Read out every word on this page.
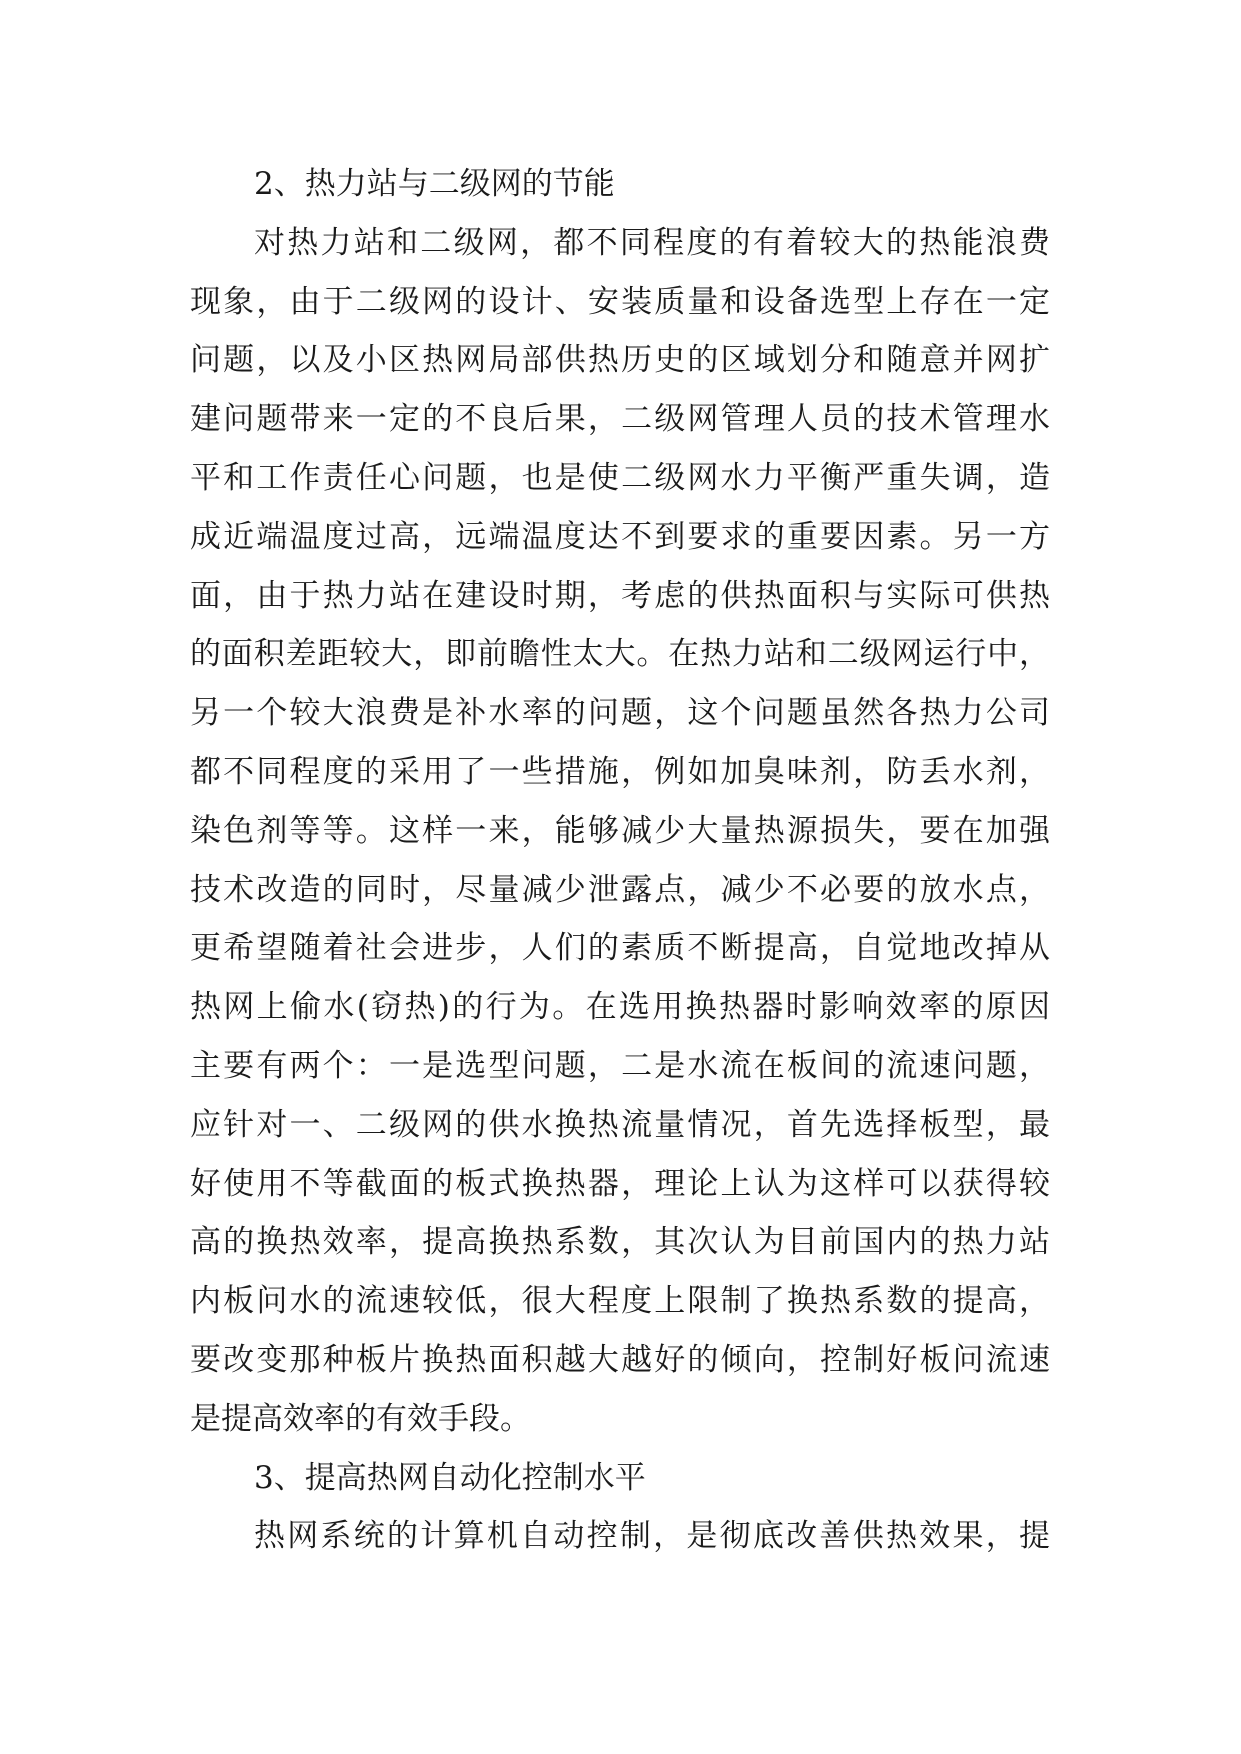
2、热力站与二级网的节能
对热力站和二级网，都不同程度的有着较大的热能浪费
现象，由于二级网的设计、安装质量和设备选型上存在一定
问题，以及小区热网局部供热历史的区域划分和随意并网扩
建问题带来一定的不良后果，二级网管理人员的技术管理水
平和工作责任心问题，也是使二级网水力平衡严重失调，造
成近端温度过高，远端温度达不到要求的重要因素。另一方
面，由于热力站在建设时期，考虑的供热面积与实际可供热
的面积差距较大，即前瞻性太大。在热力站和二级网运行中，
另一个较大浪费是补水率的问题，这个问题虽然各热力公司
都不同程度的采用了一些措施，例如加臭味剂，防丢水剂，
染色剂等等。这样一来，能够减少大量热源损失，要在加强
技术改造的同时，尽量减少泄露点，减少不必要的放水点，
更希望随着社会进步，人们的素质不断提高，自觉地改掉从
热网上偷水(窃热)的行为。在选用换热器时影响效率的原因
主要有两个：一是选型问题，二是水流在板间的流速问题，
应针对一、二级网的供水换热流量情况，首先选择板型，最
好使用不等截面的板式换热器，理论上认为这样可以获得较
高的换热效率，提高换热系数，其次认为目前国内的热力站
内板问水的流速较低，很大程度上限制了换热系数的提高，
要改变那种板片换热面积越大越好的倾向，控制好板问流速
是提高效率的有效手段。
3、提高热网自动化控制水平
热网系统的计算机自动控制，是彻底改善供热效果，提
